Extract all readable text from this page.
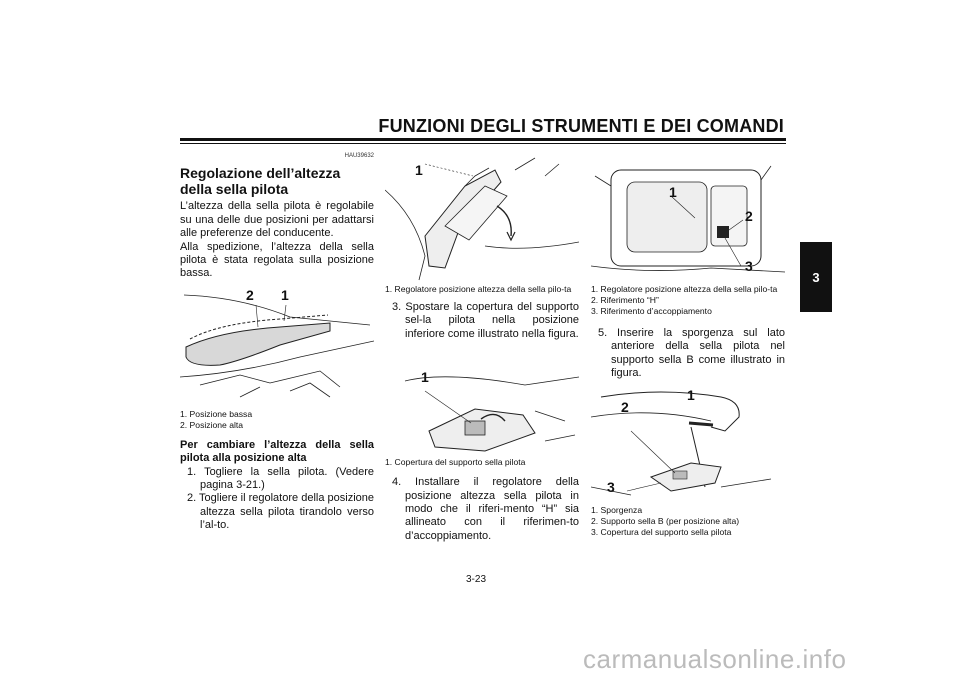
FUNZIONI DEGLI STRUMENTI E DEI COMANDI
3
HAU39632
Regolazione dell’altezza della sella pilota

L’altezza della sella pilota è regolabile su una delle due posizioni per adattarsi alle preferenze del conducente.

Alla spedizione, l’altezza della sella pilota è stata regolata sulla posizione bassa.

2 1
1. Posizione bassa
2. Posizione alta

Per cambiare l’altezza della sella pilota alla posizione alta

1. Togliere la sella pilota. (Vedere pagina 3-21.)
2. Togliere il regolatore della posizione altezza sella pilota tirandolo verso l’al-to.
1
1. Regolatore posizione altezza della sella pilo-ta
3. Spostare la copertura del supporto sel-la pilota nella posizione inferiore come illustrato nella figura.
1
1. Copertura del supporto sella pilota
4. Installare il regolatore della posizione altezza sella pilota in modo che il riferi-mento “H” sia allineato con il riferimen-to d’accoppiamento.
1
2
3
1. Regolatore posizione altezza della sella pilo-ta
2. Riferimento “H”
3. Riferimento d’accoppiamento
5. Inserire la sporgenza sul lato anteriore della sella pilota nel supporto sella B come illustrato in figura.
1
2
3
1. Sporgenza
2. Supporto sella B (per posizione alta)
3. Copertura del supporto sella pilota
3-23
carmanualsonline.info
